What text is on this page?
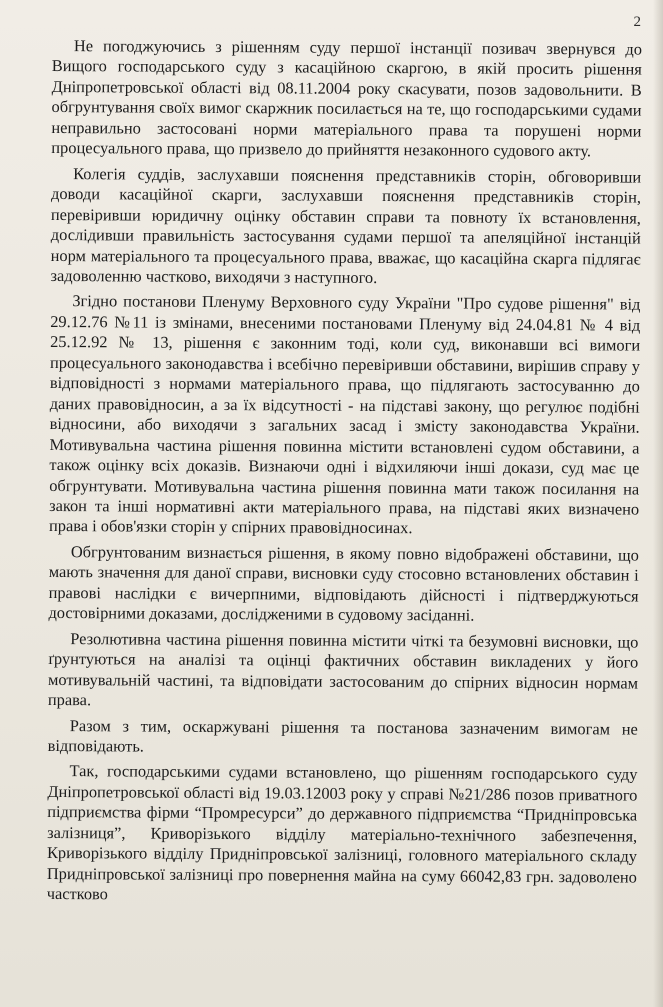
2

Не погоджуючись з рішенням суду першої інстанції позивач звернувся до Вищого господарського суду з касаційною скаргою, в якій просить рішення Дніпропетровської області від 08.11.2004 року скасувати, позов задовольнити. В обгрунтування своїх вимог скаржник посилається на те, що господарськими судами неправильно застосовані норми матеріального права та порушені норми процесуального права, що призвело до прийняття незаконного судового акту.

Колегія суддів, заслухавши пояснення представників сторін, обговоривши доводи касаційної скарги, заслухавши пояснення представників сторін, перевіривши юридичну оцінку обставин справи та повноту їх встановлення, дослідивши правильність застосування судами першої та апеляційної інстанцій норм матеріального та процесуального права, вважає, що касаційна скарга підлягає задоволенню частково, виходячи з наступного.

Згідно постанови Пленуму Верховного суду України "Про судове рішення" від 29.12.76 №11 із змінами, внесеними постановами Пленуму від 24.04.81 № 4 від 25.12.92 № 13, рішення є законним тоді, коли суд, виконавши всі вимоги процесуального законодавства і всебічно перевіривши обставини, вирішив справу у відповідності з нормами матеріального права, що підлягають застосуванню до даних правовідносин, а за їх відсутності - на підставі закону, що регулює подібні відносини, або виходячи з загальних засад і змісту законодавства України. Мотивувальна частина рішення повинна містити встановлені судом обставини, а також оцінку всіх доказів. Визнаючи одні і відхиляючи інші докази, суд має це обгрунтувати. Мотивувальна частина рішення повинна мати також посилання на закон та інші нормативні акти матеріального права, на підставі яких визначено права і обов'язки сторін у спірних правовідносинах.

Обгрунтованим визнається рішення, в якому повно відображені обставини, що мають значення для даної справи, висновки суду стосовно встановлених обставин і правові наслідки є вичерпними, відповідають дійсності і підтверджуються достовірними доказами, дослідженими в судовому засіданні.

Резолютивна частина рішення повинна містити чіткі та безумовні висновки, що ґрунтуються на аналізі та оцінці фактичних обставин викладених у його мотивувальній частині, та відповідати застосованим до спірних відносин нормам права.

Разом з тим, оскаржувані рішення та постанова зазначеним вимогам не відповідають.

Так, господарськими судами встановлено, що рішенням господарського суду Дніпропетровської області від 19.03.12003 року у справі №21/286 позов приватного підприємства фірми “Промресурси” до державного підприємства “Придніпровська залізниця”, Криворізького відділу матеріально-технічного забезпечення, Криворізького відділу Придніпровської залізниці, головного матеріального складу Придніпровської залізниці про повернення майна на суму 66042,83 грн. задоволено частково
